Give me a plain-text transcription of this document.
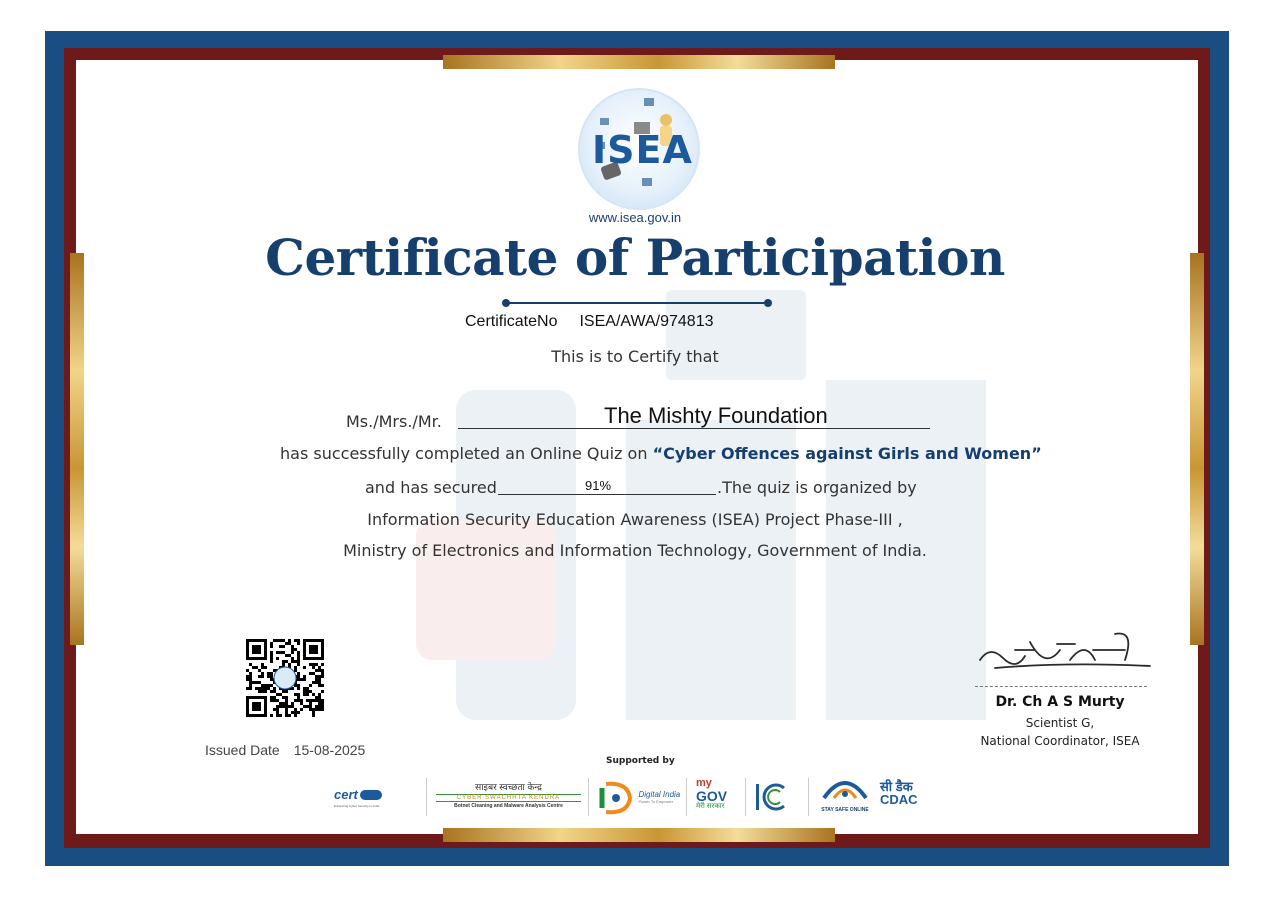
ISEA
www.isea.gov.in
Certificate of Participation
CertificateNo ISEA/AWA/974813
This is to Certify that
Ms./Mrs./Mr.	The Mishty Foundation
has successfully completed an Online Quiz on “Cyber Offences against Girls and Women”
and has secured	91%	.The quiz is organized by
Information Security Education Awareness (ISEA) Project Phase-III ,
Ministry of Electronics and Information Technology, Government of India.
Issued Date 15-08-2025
Dr. Ch A S Murty
Scientist G,
National Coordinator, ISEA
Supported by
cert
Enhancing Cyber Security in India
साइबर स्वच्छता केन्द्र
CYBER SWACHHTA KENDRA
Botnet Cleaning and Malware Analysis Centre

Digital India
Power To Empower
my
GOV
मेरी सरकार	STAY SAFE ONLINE
सी डैक
CDAC
